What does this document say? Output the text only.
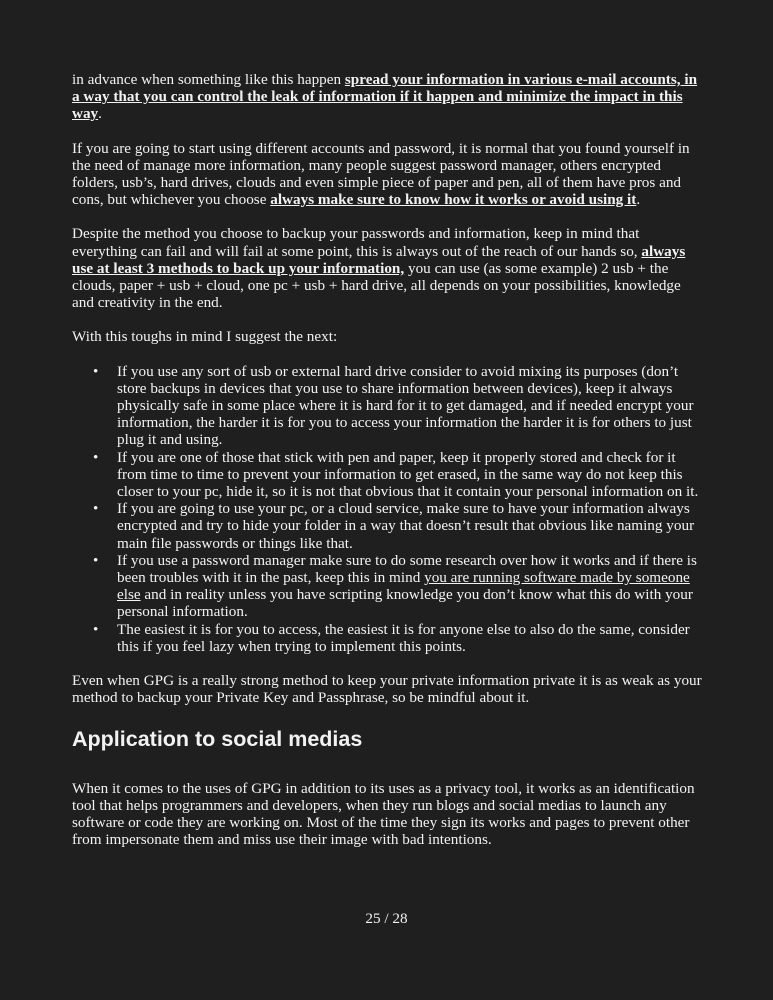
in advance when something like this happen spread your information in various e-mail accounts, in a way that you can control the leak of information if it happen and minimize the impact in this way.

If you are going to start using different accounts and password, it is normal that you found yourself in the need of manage more information, many people suggest password manager, others encrypted folders, usb’s, hard drives, clouds and even simple piece of paper and pen, all of them have pros and cons, but whichever you choose always make sure to know how it works or avoid using it.

Despite the method you choose to backup your passwords and information, keep in mind that everything can fail and will fail at some point, this is always out of the reach of our hands so, always use at least 3 methods to back up your information, you can use (as some example) 2 usb + the clouds, paper + usb + cloud, one pc + usb + hard drive, all depends on your possibilities, knowledge and creativity in the end.

With this toughs in mind I suggest the next:

• If you use any sort of usb or external hard drive consider to avoid mixing its purposes (don’t store backups in devices that you use to share information between devices), keep it always physically safe in some place where it is hard for it to get damaged, and if needed encrypt your information, the harder it is for you to access your information the harder it is for others to just plug it and using.
• If you are one of those that stick with pen and paper, keep it properly stored and check for it from time to time to prevent your information to get erased, in the same way do not keep this closer to your pc, hide it, so it is not that obvious that it contain your personal information on it.
• If you are going to use your pc, or a cloud service, make sure to have your information always encrypted and try to hide your folder in a way that doesn’t result that obvious like naming your main file passwords or things like that.
• If you use a password manager make sure to do some research over how it works and if there is been troubles with it in the past, keep this in mind you are running software made by someone else and in reality unless you have scripting knowledge you don’t know what this do with your personal information.
• The easiest it is for you to access, the easiest it is for anyone else to also do the same, consider this if you feel lazy when trying to implement this points.

Even when GPG is a really strong method to keep your private information private it is as weak as your method to backup your Private Key and Passphrase, so be mindful about it.

Application to social medias

When it comes to the uses of GPG in addition to its uses as a privacy tool, it works as an identification tool that helps programmers and developers, when they run blogs and social medias to launch any software or code they are working on. Most of the time they sign its works and pages to prevent other from impersonate them and miss use their image with bad intentions.

25 / 28
